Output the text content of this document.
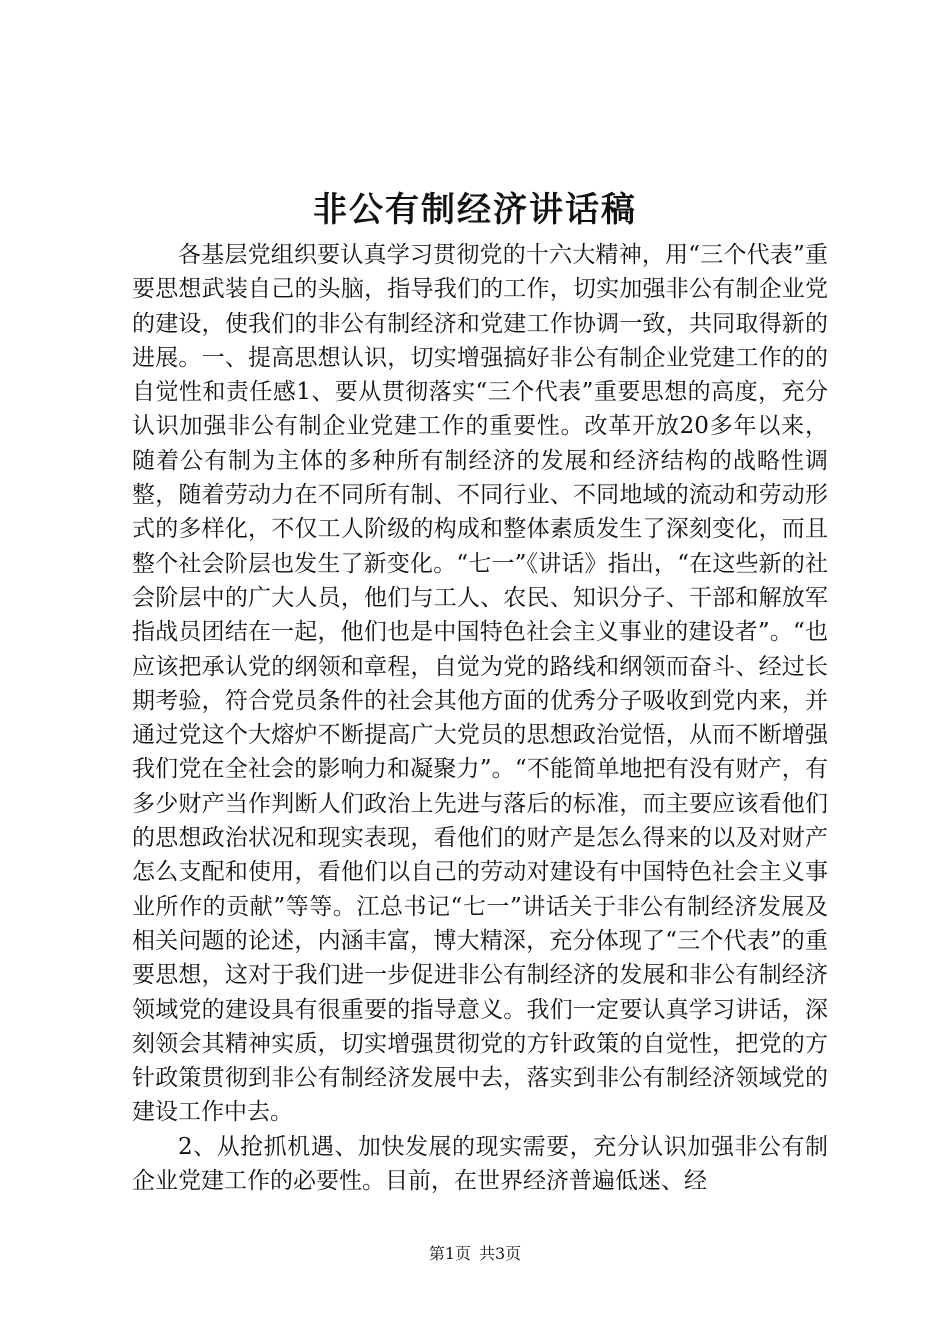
非公有制经济讲话稿

各基层党组织要认真学习贯彻党的十六大精神，用“三个代表”重要思想武装自己的头脑，指导我们的工作，切实加强非公有制企业党的建设，使我们的非公有制经济和党建工作协调一致，共同取得新的进展。一、提高思想认识，切实增强搞好非公有制企业党建工作的的自觉性和责任感1、要从贯彻落实“三个代表”重要思想的高度，充分认识加强非公有制企业党建工作的重要性。改革开放20多年以来，随着公有制为主体的多种所有制经济的发展和经济结构的战略性调整，随着劳动力在不同所有制、不同行业、不同地域的流动和劳动形式的多样化，不仅工人阶级的构成和整体素质发生了深刻变化，而且整个社会阶层也发生了新变化。“七一”《讲话》指出，“在这些新的社会阶层中的广大人员，他们与工人、农民、知识分子、干部和解放军指战员团结在一起，他们也是中国特色社会主义事业的建设者”。“也应该把承认党的纲领和章程，自觉为党的路线和纲领而奋斗、经过长期考验，符合党员条件的社会其他方面的优秀分子吸收到党内来，并通过党这个大熔炉不断提高广大党员的思想政治觉悟，从而不断增强我们党在全社会的影响力和凝聚力”。“不能简单地把有没有财产，有多少财产当作判断人们政治上先进与落后的标准，而主要应该看他们的思想政治状况和现实表现，看他们的财产是怎么得来的以及对财产怎么支配和使用，看他们以自己的劳动对建设有中国特色社会主义事业所作的贡献”等等。江总书记“七一”讲话关于非公有制经济发展及相关问题的论述，内涵丰富，博大精深，充分体现了“三个代表”的重要思想，这对于我们进一步促进非公有制经济的发展和非公有制经济领域党的建设具有很重要的指导意义。我们一定要认真学习讲话，深刻领会其精神实质，切实增强贯彻党的方针政策的自觉性，把党的方针政策贯彻到非公有制经济发展中去，落实到非公有制经济领域党的建设工作中去。

2、从抢抓机遇、加快发展的现实需要，充分认识加强非公有制企业党建工作的必要性。目前，在世界经济普遍低迷、经

第1页 共3页
